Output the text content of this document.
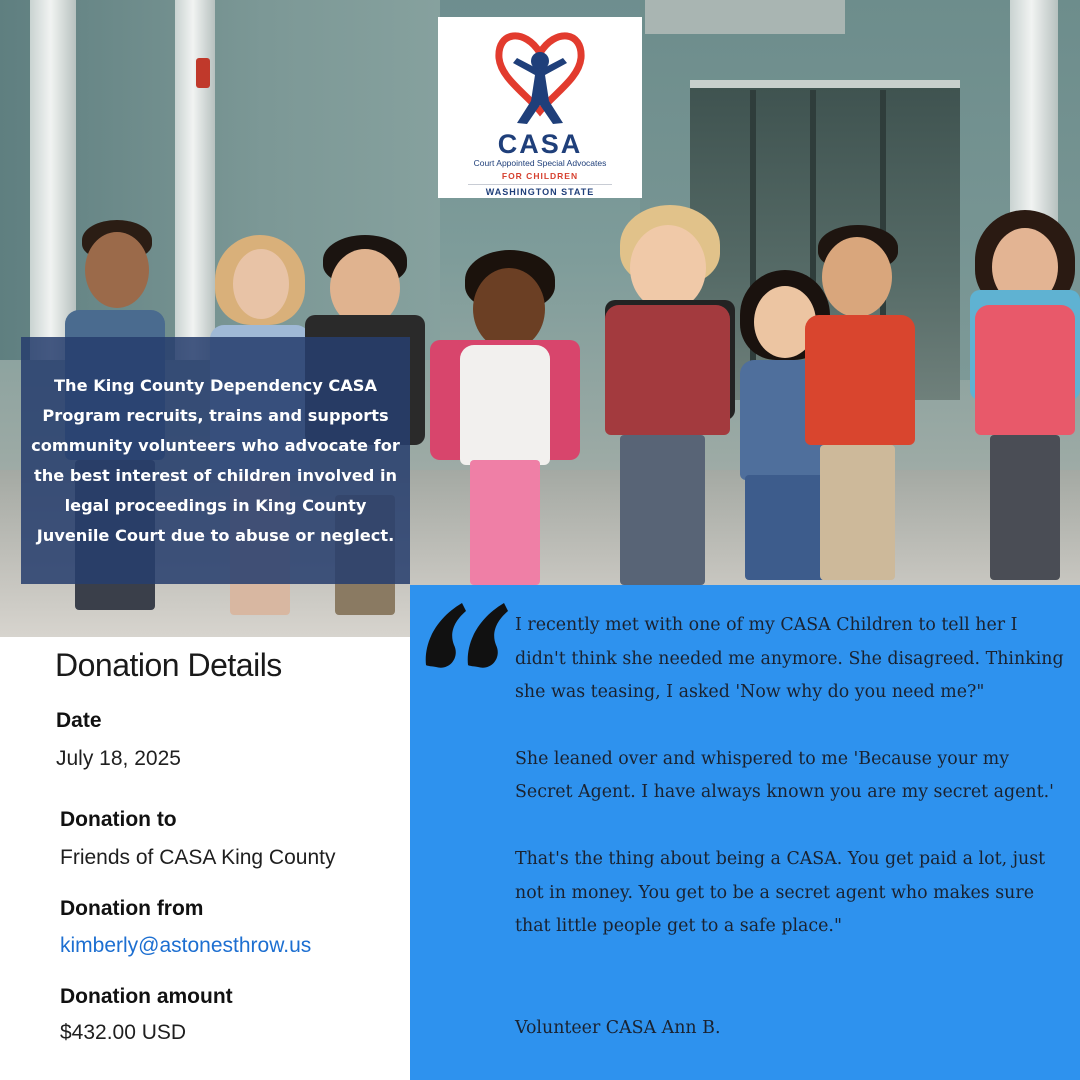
CASA
Court Appointed Special Advocates
FOR CHILDREN
WASHINGTON STATE

The King County Dependency CASA Program recruits, trains and supports community volunteers who advocate for the best interest of children involved in legal proceedings in King County Juvenile Court due to abuse or neglect.

Donation Details
Date
July 18, 2025
Donation to
Friends of CASA King County
Donation from
kimberly@astonesthrow.us
Donation amount
$432.00 USD

I recently met with one of my CASA Children to tell her I didn't think she needed me anymore. She disagreed. Thinking she was teasing, I asked 'Now why do you need me?"

She leaned over and whispered to me 'Because your my Secret Agent. I have always known you are my secret agent.'

That's the thing about being a CASA. You get paid a lot, just not in money. You get to be a secret agent who makes sure that little people get to a safe place."

Volunteer CASA Ann B.
